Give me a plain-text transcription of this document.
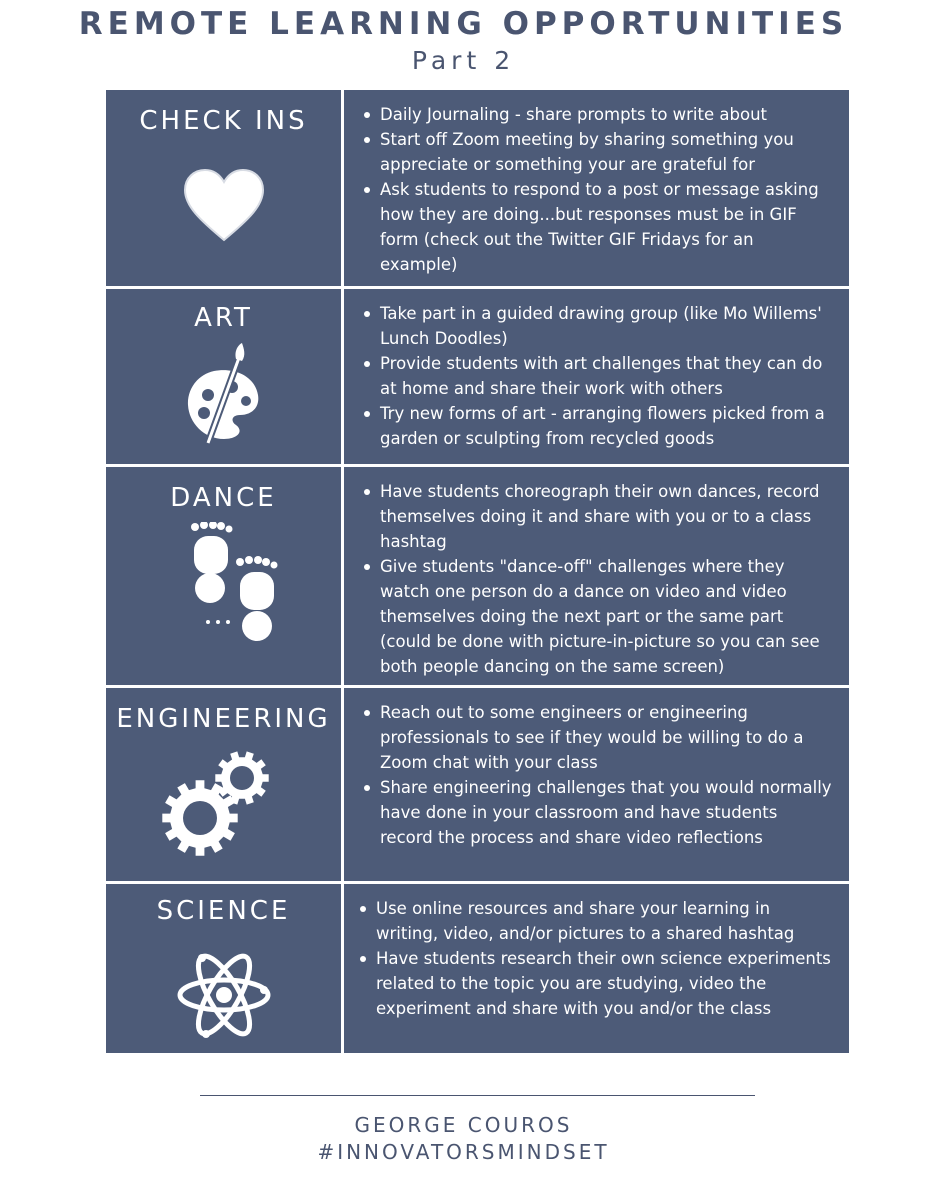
REMOTE LEARNING OPPORTUNITIES
Part 2
CHECK INS	Daily Journaling - share prompts to write about
Start off Zoom meeting by sharing something you appreciate or something your are grateful for
Ask students to respond to a post or message asking how they are doing...but responses must be in GIF form (check out the Twitter GIF Fridays for an example)
ART	Take part in a guided drawing group (like Mo Willems' Lunch Doodles)
Provide students with art challenges that they can do at home and share their work with others
Try new forms of art - arranging flowers picked from a garden or sculpting from recycled goods
DANCE	Have students choreograph their own dances, record themselves doing it and share with you or to a class hashtag
Give students "dance-off" challenges where they watch one person do a dance on video and video themselves doing the next part or the same part (could be done with picture-in-picture so you can see both people dancing on the same screen)
ENGINEERING	Reach out to some engineers or engineering professionals to see if they would be willing to do a Zoom chat with your class
Share engineering challenges that you would normally have done in your classroom and have students record the process and share video reflections
SCIENCE	Use online resources and share your learning in writing, video, and/or pictures to a shared hashtag
Have students research their own science experiments related to the topic you are studying, video the experiment and share with you and/or the class
GEORGE COUROS
#INNOVATORSMINDSET
